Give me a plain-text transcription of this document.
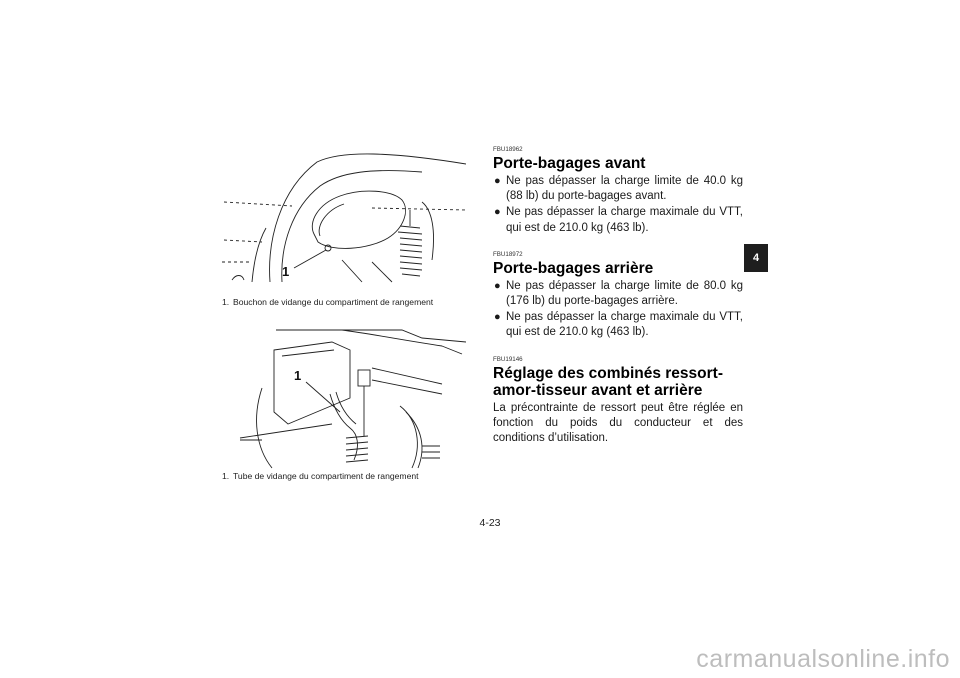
1
1. Bouchon de vidange du compartiment de rangement
1
1. Tube de vidange du compartiment de rangement
FBU18962
Porte-bagages avant
● Ne pas dépasser la charge limite de 40.0 kg (88 lb) du porte-bagages avant.
● Ne pas dépasser la charge maximale du VTT, qui est de 210.0 kg (463 lb).
FBU18972
Porte-bagages arrière
● Ne pas dépasser la charge limite de 80.0 kg (176 lb) du porte-bagages arrière.
● Ne pas dépasser la charge maximale du VTT, qui est de 210.0 kg (463 lb).
FBU19146
Réglage des combinés ressort-amor-tisseur avant et arrière

La précontrainte de ressort peut être réglée en fonction du poids du conducteur et des conditions d’utilisation.

4-23
4
carmanualsonline.info
